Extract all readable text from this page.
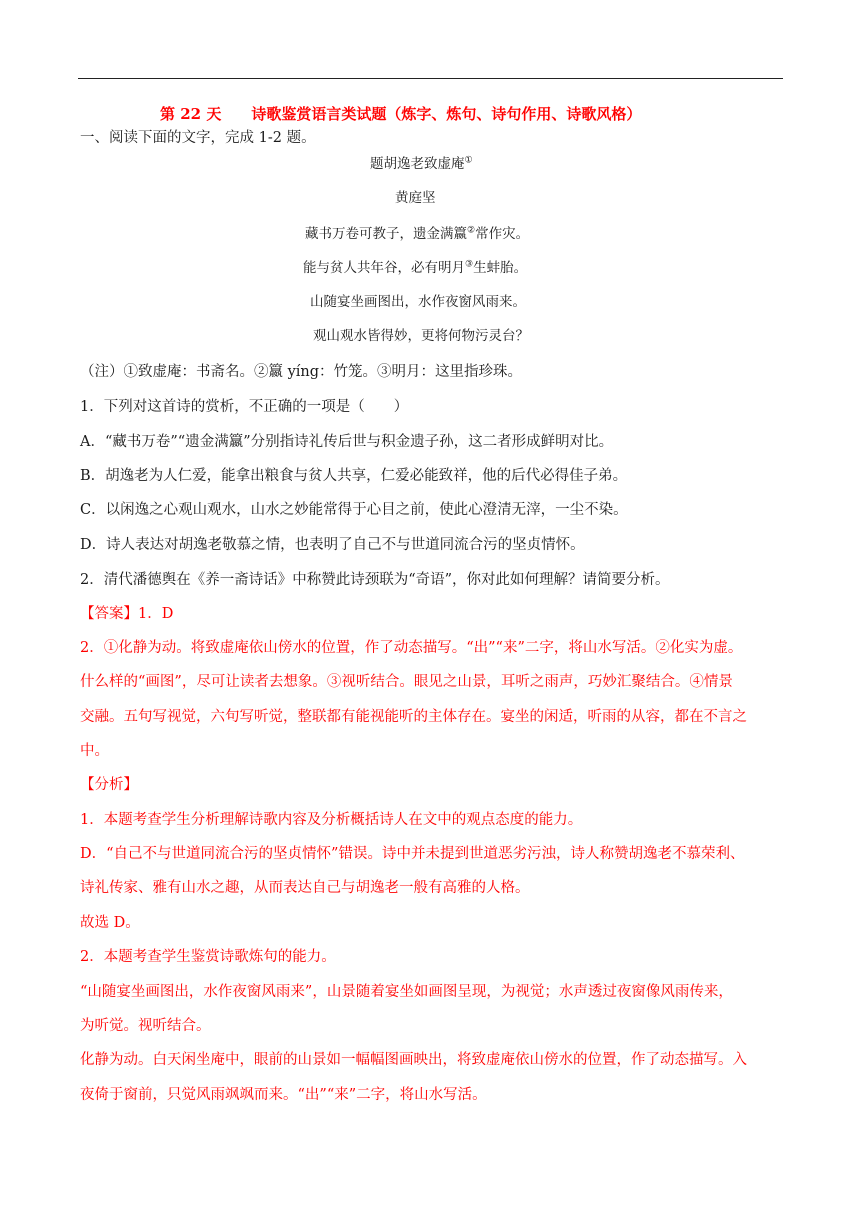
第 22 天　　诗歌鉴赏语言类试题（炼字、炼句、诗句作用、诗歌风格）
一、阅读下面的文字，完成 1-2 题。
题胡逸老致虚庵①
黄庭坚
藏书万卷可教子，遗金满籝②常作灾。
能与贫人共年谷，必有明月③生蚌胎。
山随宴坐画图出，水作夜窗风雨来。
观山观水皆得妙，更将何物污灵台？
（注）①致虚庵：书斋名。②籝 yíng：竹笼。③明月：这里指珍珠。
1．下列对这首诗的赏析，不正确的一项是（　　）
A．“藏书万卷”“遗金满籝”分别指诗礼传后世与积金遗子孙，这二者形成鲜明对比。
B．胡逸老为人仁爱，能拿出粮食与贫人共享，仁爱必能致祥，他的后代必得佳子弟。
C．以闲逸之心观山观水，山水之妙能常得于心目之前，使此心澄清无滓，一尘不染。
D．诗人表达对胡逸老敬慕之情，也表明了自己不与世道同流合污的坚贞情怀。
2．清代潘德舆在《养一斋诗话》中称赞此诗颈联为“奇语”，你对此如何理解？请简要分析。
【答案】1．D
2．①化静为动。将致虚庵依山傍水的位置，作了动态描写。“出”“来”二字，将山水写活。②化实为虚。
什么样的“画图”，尽可让读者去想象。③视听结合。眼见之山景，耳听之雨声，巧妙汇聚结合。④情景
交融。五句写视觉，六句写听觉，整联都有能视能听的主体存在。宴坐的闲适，听雨的从容，都在不言之
中。
【分析】
1．本题考查学生分析理解诗歌内容及分析概括诗人在文中的观点态度的能力。
D．“自己不与世道同流合污的坚贞情怀”错误。诗中并未提到世道恶劣污浊，诗人称赞胡逸老不慕荣利、
诗礼传家、雅有山水之趣，从而表达自己与胡逸老一般有高雅的人格。
故选 D。
2．本题考查学生鉴赏诗歌炼句的能力。
“山随宴坐画图出，水作夜窗风雨来”，山景随着宴坐如画图呈现，为视觉；水声透过夜窗像风雨传来，
为听觉。视听结合。
化静为动。白天闲坐庵中，眼前的山景如一幅幅图画映出，将致虚庵依山傍水的位置，作了动态描写。入
夜倚于窗前，只觉风雨飒飒而来。“出”“来”二字，将山水写活。
